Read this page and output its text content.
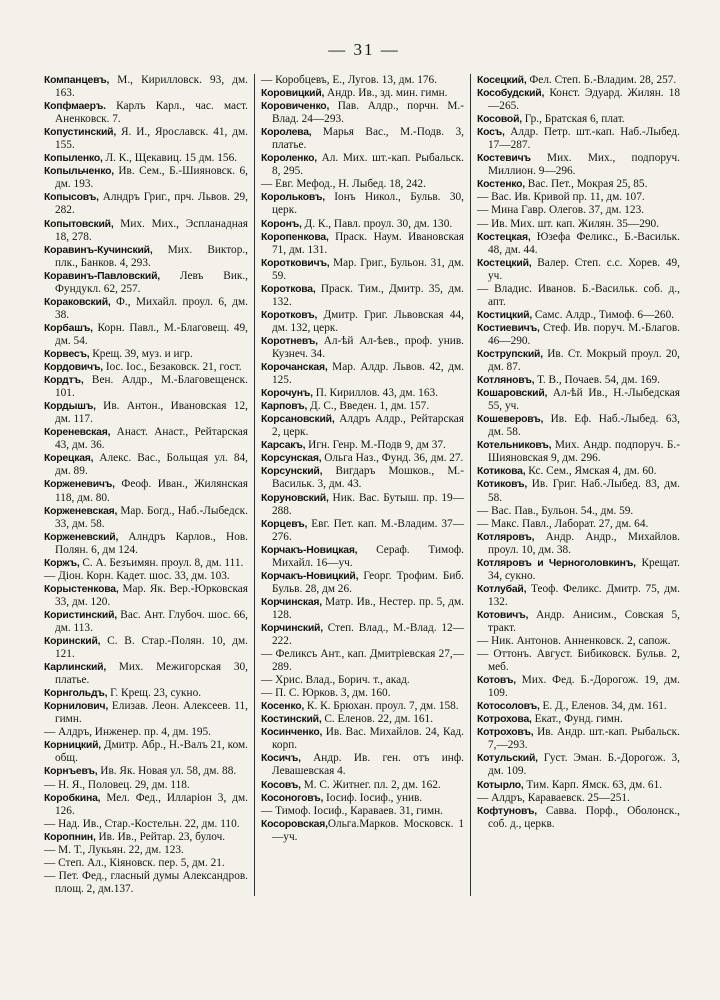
— 31 —
Компанцевъ, М., Кирилловск. 93, дм. 163.
Копфмаеръ. Карлъ Карл., час. маст. Аненковск. 7.
Копустинский, Я. И., Ярославск. 41, дм. 155.
Копыленко, Л. К., Щекавиц. 15 дм. 156.
Копыльченко, Ив. Сем., Б.-Шияновск. 6, дм. 193.
Копысовъ, Алндръ Григ., прч. Львов. 29, 282.
Копытовский, Мих. Мих., Эспланадная 18, 278.
Коравинъ-Кучинский, Мих. Виктор., плк., Банков. 4, 293.
Коравинъ-Павловский, Левъ Вик., Фундукл. 62, 257.
Кораковский, Ф., Михайл. проул. 6, дм. 38.
Корбашъ, Корн. Павл., М.-Благовещ. 49, дм. 54.
Корвесъ, Крещ. 39, муз. и игр.
Кордовичъ, Іос. Іос., Безаковск. 21, гост.
Кордтъ, Вен. Алдр., М.-Благовещенск. 101.
Кордышъ, Ив. Антон., Ивановская 12, дм. 117.
Кореневская, Анаст. Анаст., Рейтарская 43, дм. 36.
Корецкая, Алекс. Вас., Больщая ул. 84, дм. 89.
Корженевичъ, Феоф. Иван., Жилянская 118, дм. 80.
Корженевская, Мар. Богд., Наб.-Лыбедск. 33, дм. 58.
Корженевский, Алндръ Карлов., Нов. Полян. 6, дм 124.
Коржъ, С. А. Безъимян. проул. 8, дм. 111.
— Діон. Корн. Кадет. шос. 33, дм. 103.
Корыстенкова, Мар. Як. Вер.-Юрковская 33, дм. 120.
Користинский, Вас. Ант. Глубоч. шос. 66, дм. 113.
Коринский, С. В. Стар.-Полян. 10, дм. 121.
Карлинский, Мих. Межигорская 30, платье.
Корнгольдъ, Г. Крещ. 23, сукно.
Корнилович, Елизав. Леон. Алексеев. 11, гимн.
— Алдръ, Инженер. пр. 4, дм. 195.
Корницкий, Дмитр. Абр., Н.-Валъ 21, ком. общ.
Корнъевъ, Ив. Як. Новая ул. 58, дм. 88.
— Н. Я., Половец. 29, дм. 118.
Коробкина, Мел. Фед., Илларіон 3, дм. 126.
— Над. Ив., Стар.-Костельн. 22, дм. 110.
Коропнин, Ив. Ив., Рейтар. 23, булоч.
— М. Т., Лукьян. 22, дм. 123.
— Степ. Ал., Кіяновск. пер. 5, дм. 21.
— Пет. Фед., гласный думы Александров. площ. 2, дм.137.
— Коробцевъ, Е., Лугов. 13, дм. 176.
Коровицкий, Андр. Ив., зд. мин. гимн.
Коровиченко, Пав. Алдр., порчн. М.-Влад. 24—293.
Королева, Марья Вас., М.-Подв. 3, платье.
Короленко, Ал. Мих. шт.-кап. Рыбальск. 8, 295.
— Евг. Мефод., Н. Лыбед. 18, 242.
Корольковъ, Іонъ Никол., Бульв. 30, церк.
Коронъ, Д. К., Павл. проул. 30, дм. 130.
Коропенкова, Праск. Наум. Ивановская 71, дм. 131.
Коротковичъ, Мар. Григ., Бульон. 31, дм. 59.
Короткова, Праск. Тим., Дмитр. 35, дм. 132.
Коротковъ, Дмитр. Григ. Львовская 44, дм. 132, церк.
Коротневъ, Ал-ѣй Ал-ѣев., проф. унив. Кузнеч. 34.
Корочанская, Мар. Алдр. Львов. 42, дм. 125.
Корочунъ, П. Кириллов. 43, дм. 163.
Карповъ, Д. С., Введен. 1, дм. 157.
Корсановский, Алдръ Алдр., Рейтарская 2, церк.
Карсакъ, Игн. Генр. М.-Подв 9, дм 37.
Корсунская, Ольга Наз., Фунд. 36, дм. 27.
Корсунский, Вигдаръ Мошков., М.-Васильк. 3, дм. 43.
Коруновский, Ник. Вас. Бутыш. пр. 19—288.
Корцевъ, Евг. Пет. кап. М.-Владим. 37—276.
Корчакъ-Новицкая, Сераф. Тимоф. Михайл. 16—уч.
Корчакъ-Новицкий, Георг. Трофим. Биб. Бульв. 28, дм 26.
Корчинская, Матр. Ив., Нестер. пр. 5, дм. 128.
Корчинский, Степ. Влад., М.-Влад. 12—222.
— Феликсъ Ант., кап. Дмитріевская 27,—289.
— Хрис. Влад., Борич. т., акад.
— П. С. Юрков. 3, дм. 160.
Косенко, К. К. Брюхан. проул. 7, дм. 158.
Костинский, С. Еленов. 22, дм. 161.
Косинченко, Ив. Вас. Михайлов. 24, Кад. корп.
Косичъ, Андр. Ив. ген. отъ инф. Левашевская 4.
Косовъ, М. С. Житнег. пл. 2, дм. 162.
Косоноговъ, Іосиф. Іосиф., унив.
— Тимоф. Іосиф., Караваев. 31, гимн.
Косоровская,Ольга.Марков. Московск. 1—уч.
Косецкий, Фел. Степ. Б.-Владим. 28, 257.
Кособудский, Конст. Эдуард. Жилян. 18—265.
Косовой, Гр., Братская 6, плат.
Косъ, Алдр. Петр. шт.-кап. Наб.-Лыбед. 17—287.
Костевичъ Мих. Мих., подпоруч. Миллион. 9—296.
Костенко, Вас. Пет., Мокрая 25, 85.
— Вас. Ив. Кривой пр. 11, дм. 107.
— Мина Гавр. Олегов. 37, дм. 123.
— Ив. Мих. шт. кап. Жилян. 35—290.
Костецкая, Юзефа Феликс., Б.-Васильк. 48, дм. 44.
Костецкий, Валер. Степ. с.с. Хорев. 49, уч.
— Владис. Иванов. Б.-Васильк. соб. д., апт.
Костицкий, Самс. Алдр., Тимоф. 6—260.
Костиевичъ, Стеф. Ив. поруч. М.-Благов. 46—290.
Кострупский, Ив. Ст. Мокрый проул. 20, дм. 87.
Котляновъ, Т. В., Почаев. 54, дм. 169.
Кошаровский, Ал-ѣй Ив., Н.-Лыбедская 55, уч.
Кошеверовъ, Ив. Еф. Наб.-Лыбед. 63, дм. 58.
Котельниковъ, Мих. Андр. подпоруч. Б.-Шияновская 9, дм. 296.
Котикова, Кс. Сем., Ямская 4, дм. 60.
Котиковъ, Ив. Григ. Наб.-Лыбед. 83, дм. 58.
— Вас. Пав., Бульон. 54., дм. 59.
— Макс. Павл., Лаборат. 27, дм. 64.
Котляровъ, Андр. Андр., Михайлов. проул. 10, дм. 38.
Котляровъ и Черноголовкинъ, Крещат. 34, сукно.
Котлубай, Теоф. Феликс. Дмитр. 75, дм. 132.
Котовичъ, Андр. Анисим., Совская 5, тракт.
— Ник. Антонов. Анненковск. 2, сапож.
— Оттонъ. Август. Бибиковск. Бульв. 2, меб.
Котовъ, Мих. Фед. Б.-Дорогож. 19, дм. 109.
Котосоловъ, Е. Д., Еленов. 34, дм. 161.
Котрохова, Екат., Фунд. гимн.
Котроховъ, Ив. Андр. шт.-кап. Рыбальск. 7,—293.
Котульский, Густ. Эман. Б.-Дорогож. 3, дм. 109.
Котырло, Тим. Карп. Ямск. 63, дм. 61.
— Алдръ, Караваевск. 25—251.
Кофтуновъ, Савва. Порф., Оболонск., соб. д., церкв.
